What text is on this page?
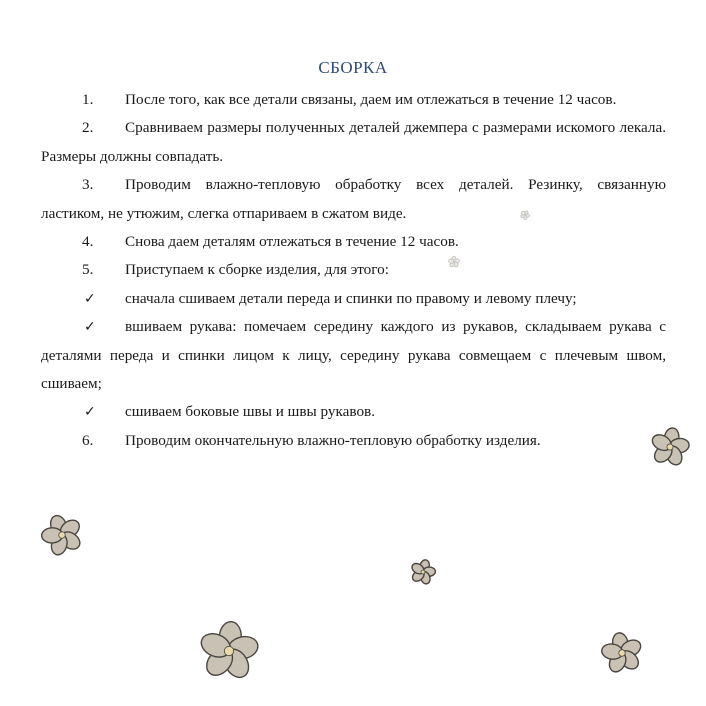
СБОРКА

1. После того, как все детали связаны, даем им отлежаться в течение 12 часов.

2. Сравниваем размеры полученных деталей джемпера с размерами искомого лекала. Размеры должны совпадать.

3. Проводим влажно-тепловую обработку всех деталей. Резинку, связанную ластиком, не утюжим, слегка отпариваем в сжатом виде.

4. Снова даем деталям отлежаться в течение 12 часов.

5. Приступаем к сборке изделия, для этого:

✓ сначала сшиваем детали переда и спинки по правому и левому плечу;

✓ вшиваем рукава: помечаем середину каждого из рукавов, складываем рукава с деталями переда и спинки лицом к лицу, середину рукава совмещаем с плечевым швом, сшиваем;

✓ сшиваем боковые швы и швы рукавов.

6. Проводим окончательную влажно-тепловую обработку изделия.
